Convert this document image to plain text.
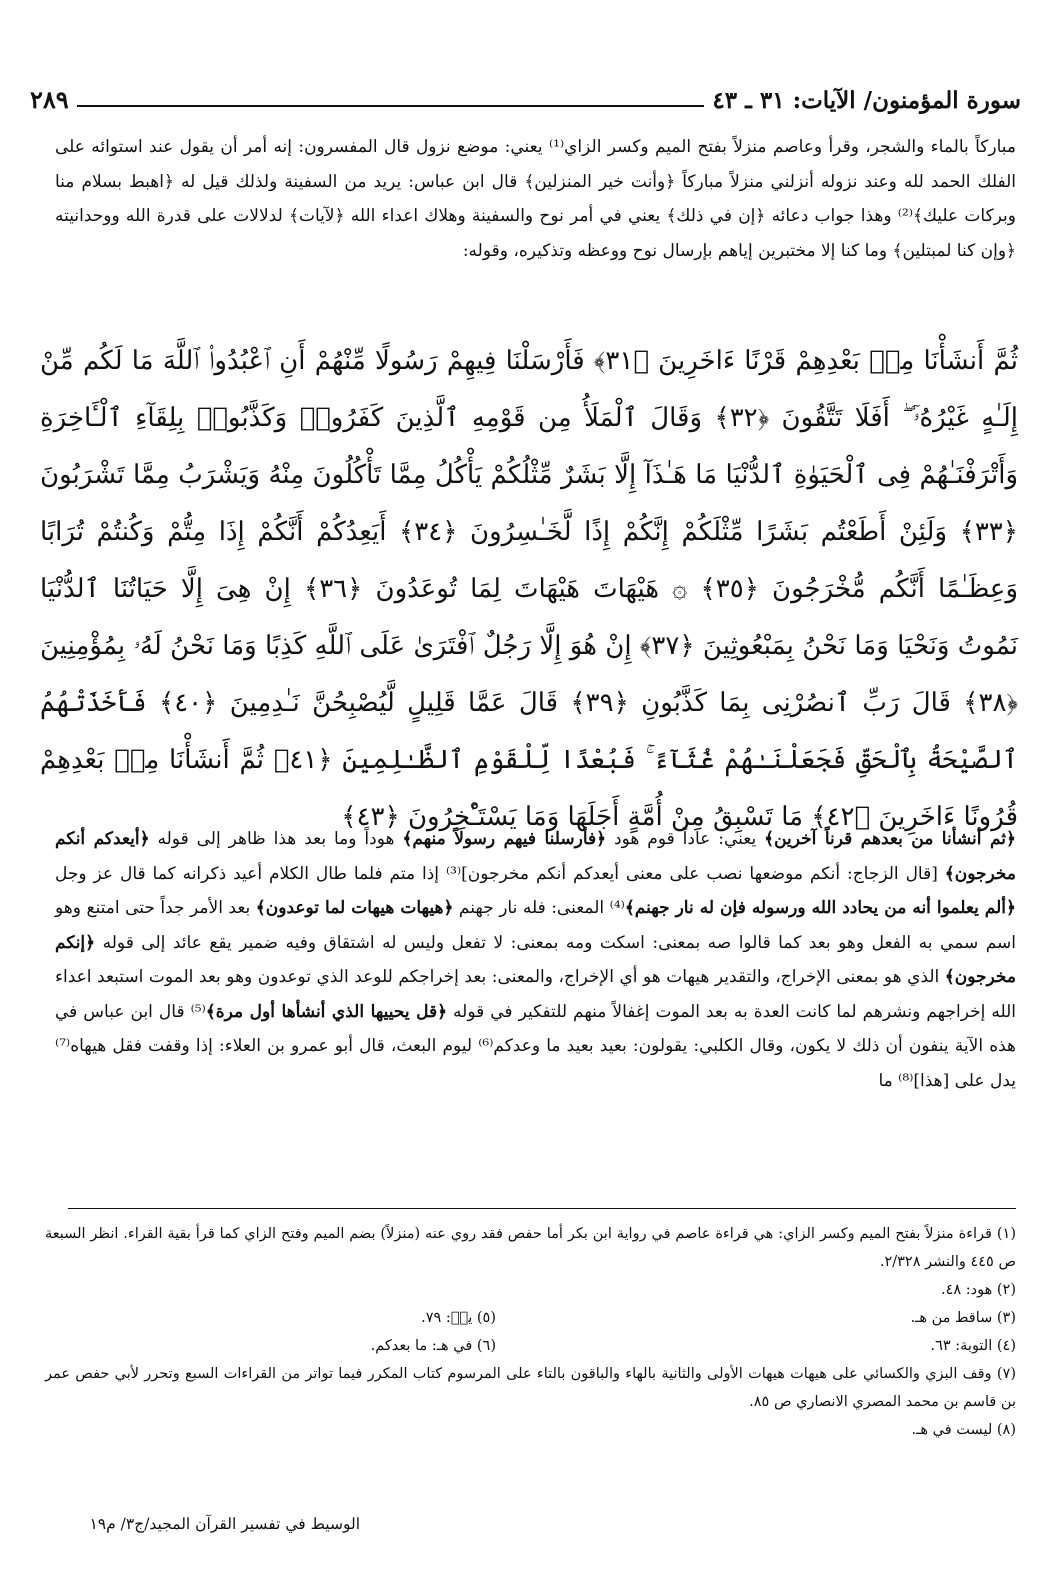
سورة المؤمنون/ الآيات: ٣١ ـ ٤٣
٢٨٩

مباركاً بالماء والشجر، وقرأ وعاصم منزلاً بفتح الميم وكسر الزاي⁽¹⁾ يعني: موضع نزول قال المفسرون: إنه أمر أن يقول عند استوائه على الفلك الحمد لله وعند نزوله أنزلني منزلاً مباركاً ﴿وأنت خير المنزلين﴾ قال ابن عباس: يريد من السفينة ولذلك قيل له ﴿اهبط بسلام منا وبركات عليك﴾⁽²⁾ وهذا جواب دعائه ﴿إن في ذلك﴾ يعني في أمر نوح والسفينة وهلاك اعداء الله ﴿لآيات﴾ لدلالات على قدرة الله ووحدانيته ﴿وإن كنا لمبتلين﴾ وما كنا إلا مختبرين إياهم بإرسال نوح ووعظه وتذكيره، وقوله:

ثُمَّ أَنشَأْنَا مِنۢ بَعْدِهِمْ قَرْنًا ءَاخَرِينَ ﴿٣١﴾ فَأَرْسَلْنَا فِيهِمْ رَسُولًا مِّنْهُمْ أَنِ ٱعْبُدُوا۟ ٱللَّهَ مَا لَكُم مِّنْ إِلَـٰهٍ غَيْرُهُۥٓ ۖ أَفَلَا تَتَّقُونَ ﴿٣٢﴾ وَقَالَ ٱلْمَلَأُ مِن قَوْمِهِ ٱلَّذِينَ كَفَرُوا۟ وَكَذَّبُوا۟ بِلِقَآءِ ٱلْـَٔاخِرَةِ وَأَتْرَفْنَـٰهُمْ فِى ٱلْحَيَوٰةِ ٱلدُّنْيَا مَا هَـٰذَآ إِلَّا بَشَرٌ مِّثْلُكُمْ يَأْكُلُ مِمَّا تَأْكُلُونَ مِنْهُ وَيَشْرَبُ مِمَّا تَشْرَبُونَ ﴿٣٣﴾ وَلَئِنْ أَطَعْتُم بَشَرًا مِّثْلَكُمْ إِنَّكُمْ إِذًا لَّخَـٰسِرُونَ ﴿٣٤﴾ أَيَعِدُكُمْ أَنَّكُمْ إِذَا مِتُّمْ وَكُنتُمْ تُرَابًا وَعِظَـٰمًا أَنَّكُم مُّخْرَجُونَ ﴿٣٥﴾ ۞ هَيْهَاتَ هَيْهَاتَ لِمَا تُوعَدُونَ ﴿٣٦﴾ إِنْ هِىَ إِلَّا حَيَاتُنَا ٱلدُّنْيَا نَمُوتُ وَنَحْيَا وَمَا نَحْنُ بِمَبْعُوثِينَ ﴿٣٧﴾ إِنْ هُوَ إِلَّا رَجُلٌ ٱفْتَرَىٰ عَلَى ٱللَّهِ كَذِبًا وَمَا نَحْنُ لَهُۥ بِمُؤْمِنِينَ ﴿٣٨﴾ قَالَ رَبِّ ٱنصُرْنِى بِمَا كَذَّبُونِ ﴿٣٩﴾ قَالَ عَمَّا قَلِيلٍ لَّيُصْبِحُنَّ نَـٰدِمِينَ ﴿٤٠﴾ فَأَخَذَتْهُمُ ٱلصَّيْحَةُ بِٱلْحَقِّ فَجَعَلْنَـٰهُمْ غُثَآءً ۚ فَبُعْدًا لِّلْقَوْمِ ٱلظَّـٰلِمِينَ ﴿٤١﴾ ثُمَّ أَنشَأْنَا مِنۢ بَعْدِهِمْ قُرُونًا ءَاخَرِينَ ﴿٤٢﴾ مَا تَسْبِقُ مِنْ أُمَّةٍ أَجَلَهَا وَمَا يَسْتَـْٔخِرُونَ ﴿٤٣﴾

﴿ثم أنشأنا من بعدهم قرناً آخرين﴾ يعني: عاداً قوم هود ﴿فأرسلنا فيهم رسولاً منهم﴾ هوداً وما بعد هذا ظاهر إلى قوله ﴿أيعدكم أنكم مخرجون﴾ [قال الزجاج: أنكم موضعها نصب على معنى أيعدكم أنكم مخرجون]⁽³⁾ إذا متم فلما طال الكلام أعيد ذكرانه كما قال عز وجل ﴿ألم يعلموا أنه من يحادد الله ورسوله فإن له نار جهنم﴾⁽⁴⁾ المعنى: فله نار جهنم ﴿هيهات هيهات لما توعدون﴾ بعد الأمر جداً حتى امتنع وهو اسم سمي به الفعل وهو بعد كما قالوا صه بمعنى: اسكت ومه بمعنى: لا تفعل وليس له اشتقاق وفيه ضمير يقع عائد إلى قوله ﴿إنكم مخرجون﴾ الذي هو بمعنى الإخراج، والتقدير هيهات هو أي الإخراج، والمعنى: بعد إخراجكم للوعد الذي توعدون وهو بعد الموت استبعد اعداء الله إخراجهم ونشرهم لما كانت العدة به بعد الموت إغفالاً منهم للتفكير في قوله ﴿قل يحييها الذي أنشأها أول مرة﴾⁽⁵⁾ قال ابن عباس في هذه الآية ينفون أن ذلك لا يكون، وقال الكلبي: يقولون: بعيد بعيد ما وعدكم⁽⁶⁾ ليوم البعث، قال أبو عمرو بن العلاء: إذا وقفت فقل هيهاه⁽⁷⁾ يدل على [هذا]⁽⁸⁾ ما

(١) قراءة منزلاً بفتح الميم وكسر الزاي: هي قراءة عاصم في رواية ابن بكر أما حفص فقد روي عنه (منزلاً) بضم الميم وفتح الزاي كما قرأ بقية القراء. انظر السبعة ص ٤٤٥ والنشر ٢/٣٢٨.

(٢) هود: ٤٨.

(٣) ساقط من هـ.

(٥) يسۤ: ٧٩.

(٤) التوبة: ٦٣.

(٦) في هـ: ما بعدكم.

(٧) وقف البزي والكسائي على هيهات هيهات الأولى والثانية بالهاء والباقون بالتاء على المرسوم كتاب المكرر فيما تواتر من القراءات السبع وتحرر لأبي حفص عمر بن قاسم بن محمد المصري الانصاري ص ٨٥.

(٨) ليست في هـ.

الوسيط في تفسير القرآن المجيد/ج٣/ م١٩
